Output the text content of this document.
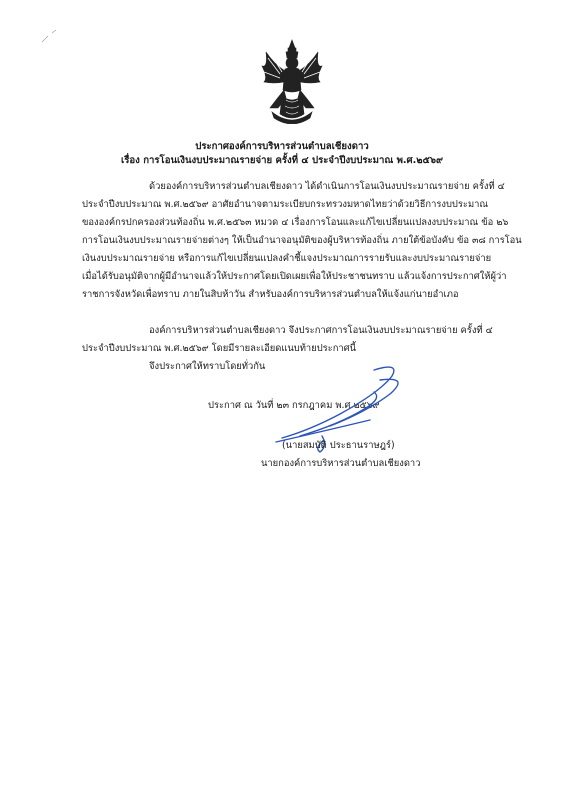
ประกาศองค์การบริหารส่วนตำบลเชียงดาว
เรื่อง การโอนเงินงบประมาณรายจ่าย ครั้งที่ ๔ ประจำปีงบประมาณ พ.ศ.๒๕๖๙
ด้วยองค์การบริหารส่วนตำบลเชียงดาว ได้ดำเนินการโอนเงินงบประมาณรายจ่าย ครั้งที่ ๔
ประจำปีงบประมาณ พ.ศ.๒๕๖๙ อาศัยอำนาจตามระเบียบกระทรวงมหาดไทยว่าด้วยวิธีการงบประมาณ
ขององค์กรปกครองส่วนท้องถิ่น พ.ศ.๒๕๖๓ หมวด ๔ เรื่องการโอนและแก้ไขเปลี่ยนแปลงงบประมาณ ข้อ ๒๖
การโอนเงินงบประมาณรายจ่ายต่างๆ ให้เป็นอำนาจอนุมัติของผู้บริหารท้องถิ่น ภายใต้ข้อบังคับ ข้อ ๓๘ การโอน
เงินงบประมาณรายจ่าย หรือการแก้ไขเปลี่ยนแปลงคำชี้แจงประมาณการรายรับและงบประมาณรายจ่าย
เมื่อได้รับอนุมัติจากผู้มีอำนาจแล้วให้ประกาศโดยเปิดเผยเพื่อให้ประชาชนทราบ แล้วแจ้งการประกาศให้ผู้ว่า
ราชการจังหวัดเพื่อทราบ ภายในสิบห้าวัน สำหรับองค์การบริหารส่วนตำบลให้แจ้งแก่นายอำเภอ
องค์การบริหารส่วนตำบลเชียงดาว จึงประกาศการโอนเงินงบประมาณรายจ่าย ครั้งที่ ๔
ประจำปีงบประมาณ พ.ศ.๒๕๖๙ โดยมีรายละเอียดแนบท้ายประกาศนี้
จึงประกาศให้ทราบโดยทั่วกัน
ประกาศ ณ วันที่ ๒๓ กรกฎาคม พ.ศ.๒๕๖๙
(นายสมบัติ ประธานราษฎร์)
นายกองค์การบริหารส่วนตำบลเชียงดาว
